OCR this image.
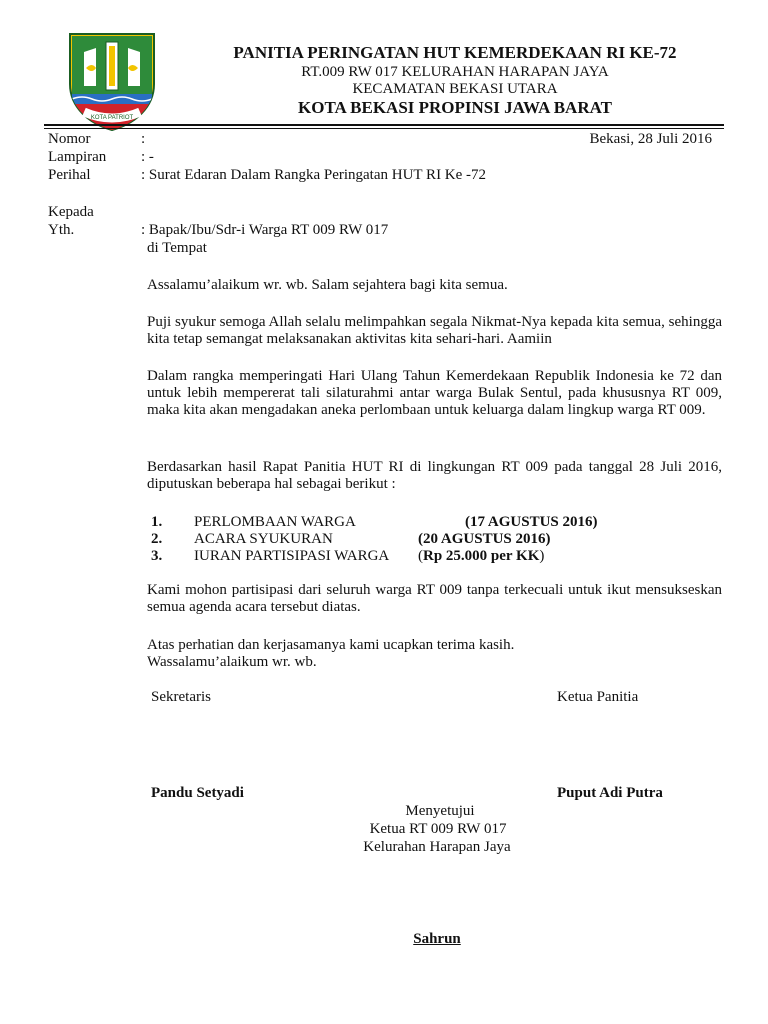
KOTA PATRIOT
PANITIA PERINGATAN HUT KEMERDEKAAN RI KE-72
RT.009 RW 017 KELURAHAN HARAPAN JAYA
KECAMATAN BEKASI UTARA
KOTA BEKASI PROPINSI JAWA BARAT
Nomor	:	Bekasi, 28 Juli 2016
Lampiran : -
Perihal	: Surat Edaran Dalam Rangka Peringatan HUT RI Ke -72
Kepada
Yth.	: Bapak/Ibu/Sdr-i Warga RT 009 RW 017
di Tempat
Assalamu’alaikum wr. wb. Salam sejahtera bagi kita semua.
Puji syukur semoga Allah selalu melimpahkan segala Nikmat-Nya kepada kita semua, sehingga kita tetap semangat melaksanakan aktivitas kita sehari-hari. Aamiin
Dalam rangka memperingati Hari Ulang Tahun Kemerdekaan Republik Indonesia ke 72 dan untuk lebih mempererat tali silaturahmi antar warga Bulak Sentul, pada khususnya RT 009, maka kita akan mengadakan aneka perlombaan untuk keluarga dalam lingkup warga RT 009.
Berdasarkan hasil Rapat Panitia HUT RI di lingkungan RT 009 pada tanggal 28 Juli 2016, diputuskan beberapa hal sebagai berikut :
1. PERLOMBAAN WARGA	(17 AGUSTUS 2016)
2. ACARA SYUKURAN	(20 AGUSTUS 2016)
3. IURAN PARTISIPASI WARGA (Rp 25.000 per KK)
Kami mohon partisipasi dari seluruh warga RT 009 tanpa terkecuali untuk ikut mensukseskan semua agenda acara tersebut diatas.
Atas perhatian dan kerjasamanya kami ucapkan terima kasih.
Wassalamu’alaikum wr. wb.
Sekretaris	Ketua Panitia
Pandu Setyadi	Puput Adi Putra
Menyetujui
Ketua RT 009 RW 017
Kelurahan Harapan Jaya
Sahrun
